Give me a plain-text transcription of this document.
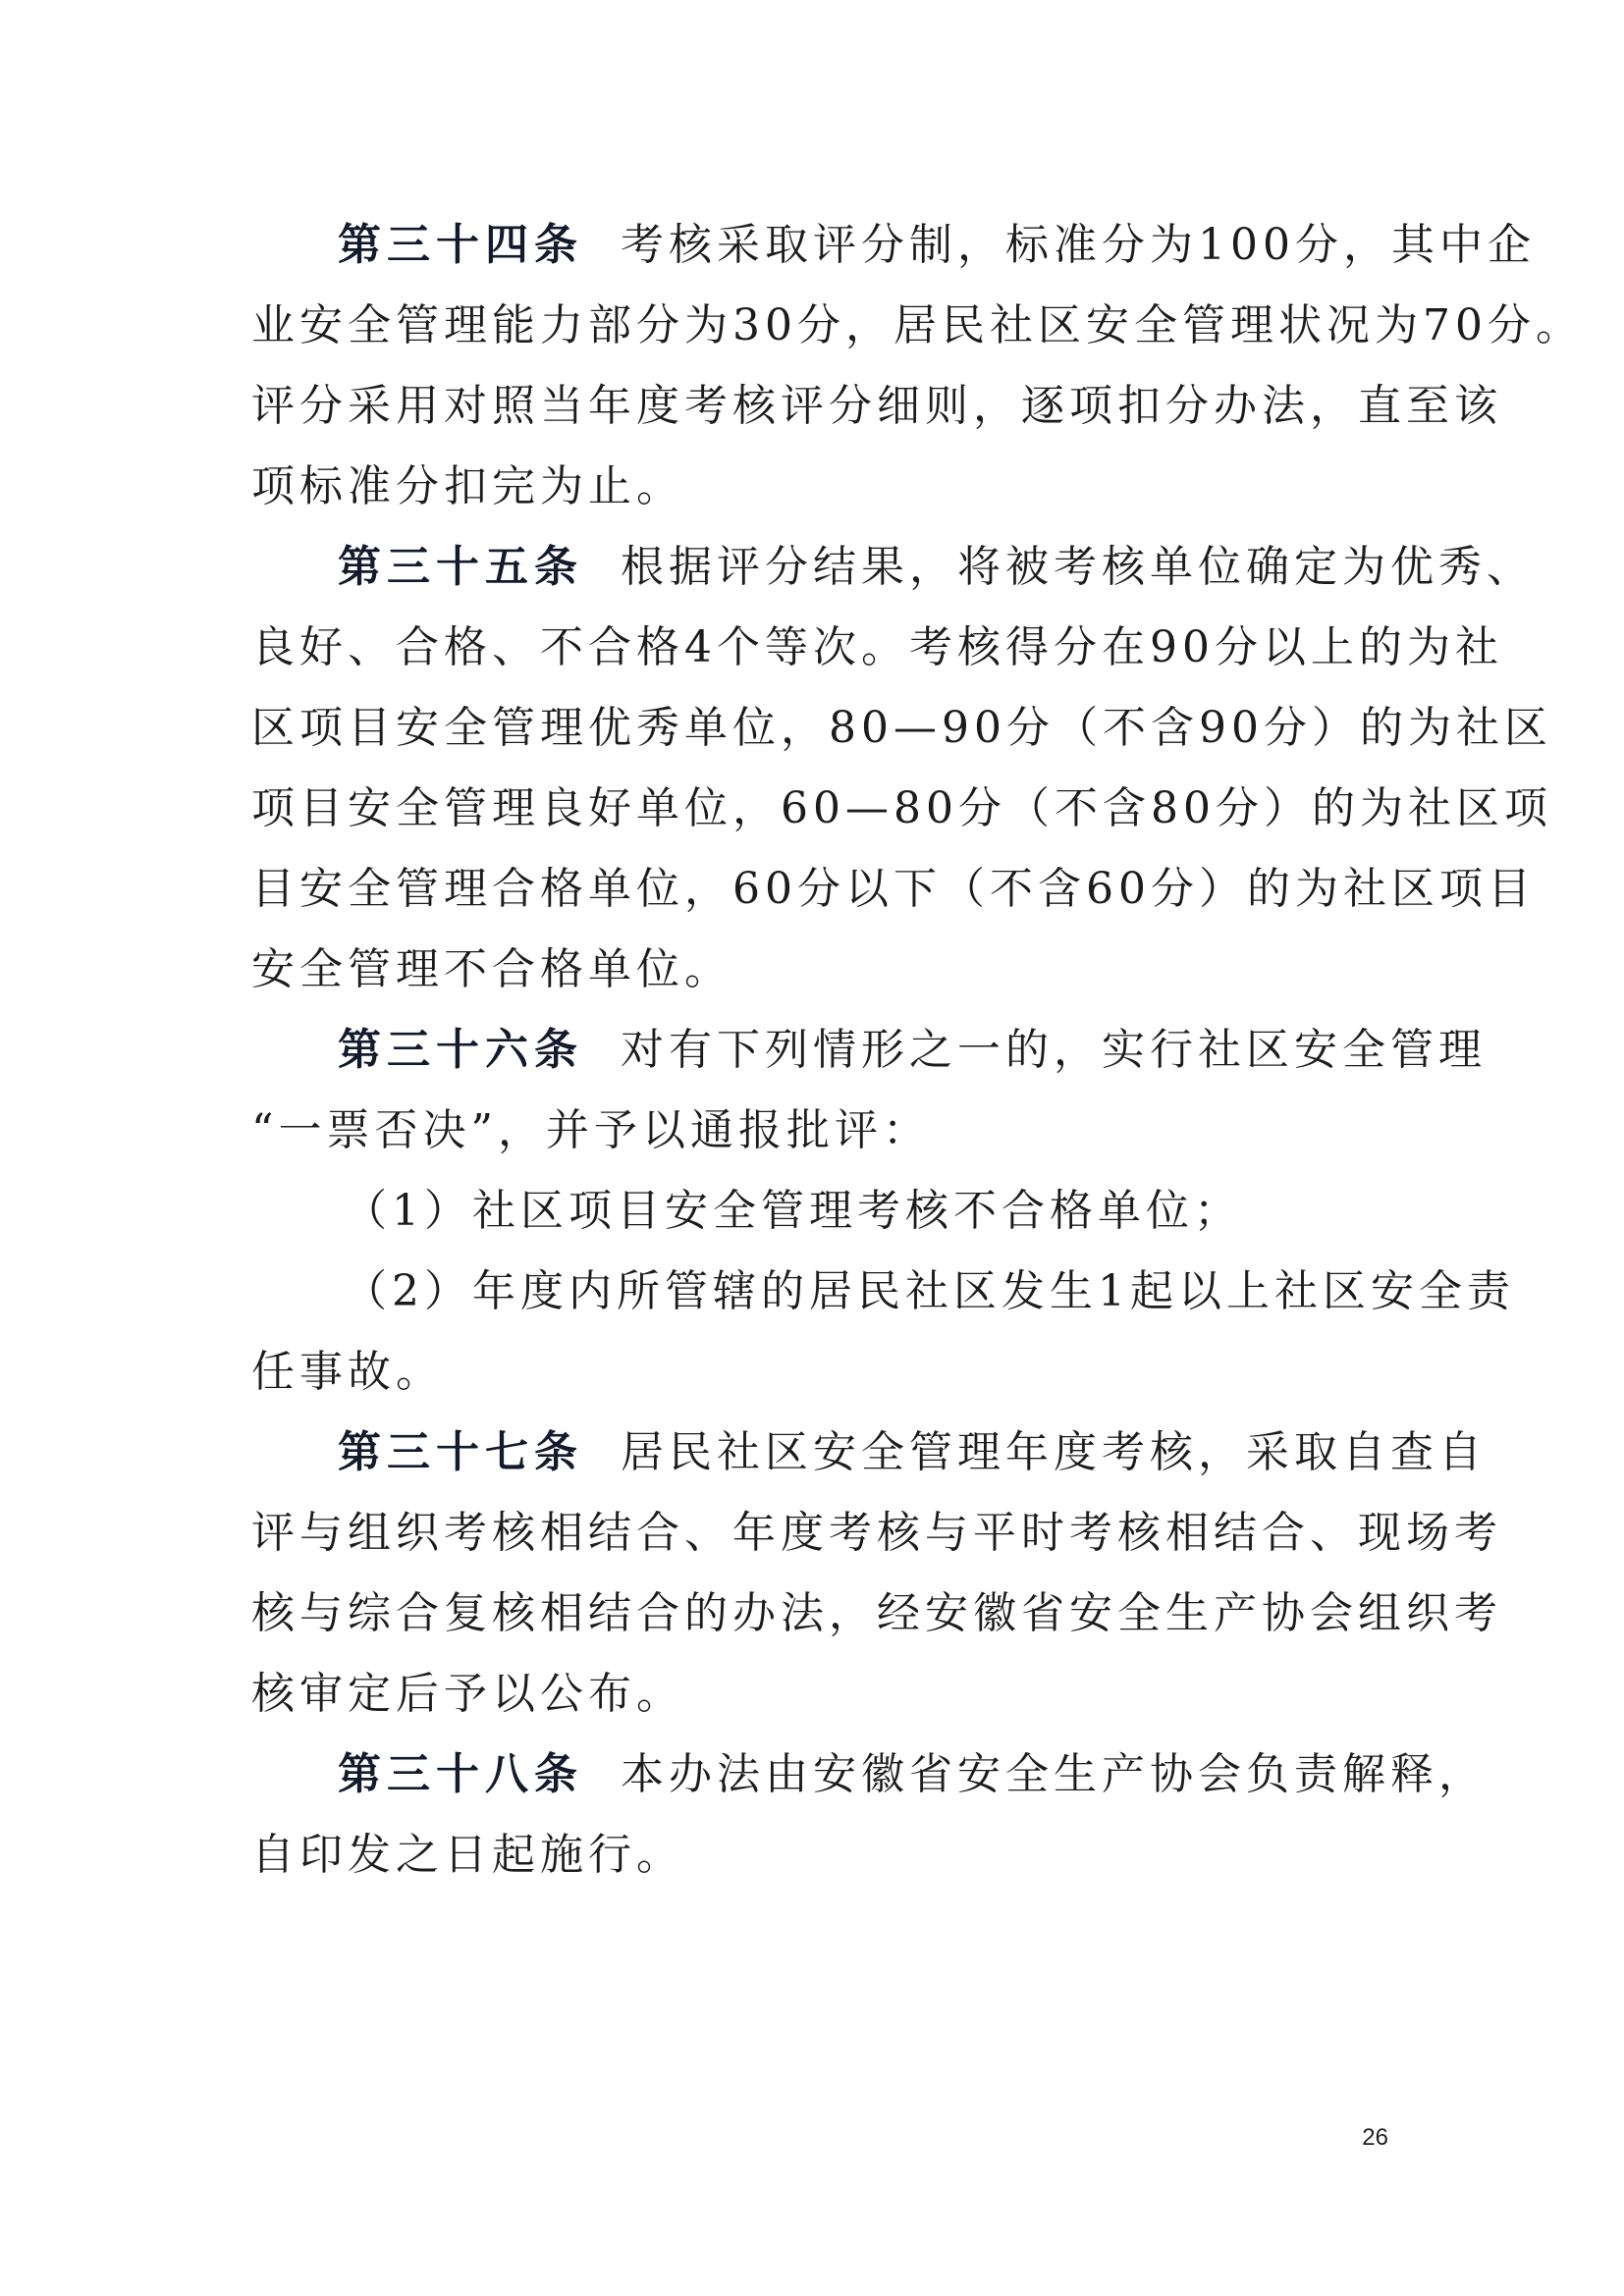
第三十四条 考核采取评分制，标准分为100分，其中企
业安全管理能力部分为30分，居民社区安全管理状况为70分。
评分采用对照当年度考核评分细则，逐项扣分办法，直至该
项标准分扣完为止。
第三十五条 根据评分结果，将被考核单位确定为优秀、
良好、合格、不合格4个等次。考核得分在90分以上的为社
区项目安全管理优秀单位，80—90分（不含90分）的为社区
项目安全管理良好单位，60—80分（不含80分）的为社区项
目安全管理合格单位，60分以下（不含60分）的为社区项目
安全管理不合格单位。
第三十六条 对有下列情形之一的，实行社区安全管理
“一票否决”，并予以通报批评：
（1）社区项目安全管理考核不合格单位；
（2）年度内所管辖的居民社区发生1起以上社区安全责
任事故。
第三十七条 居民社区安全管理年度考核，采取自查自
评与组织考核相结合、年度考核与平时考核相结合、现场考
核与综合复核相结合的办法，经安徽省安全生产协会组织考
核审定后予以公布。
第三十八条 本办法由安徽省安全生产协会负责解释，
自印发之日起施行。
26
